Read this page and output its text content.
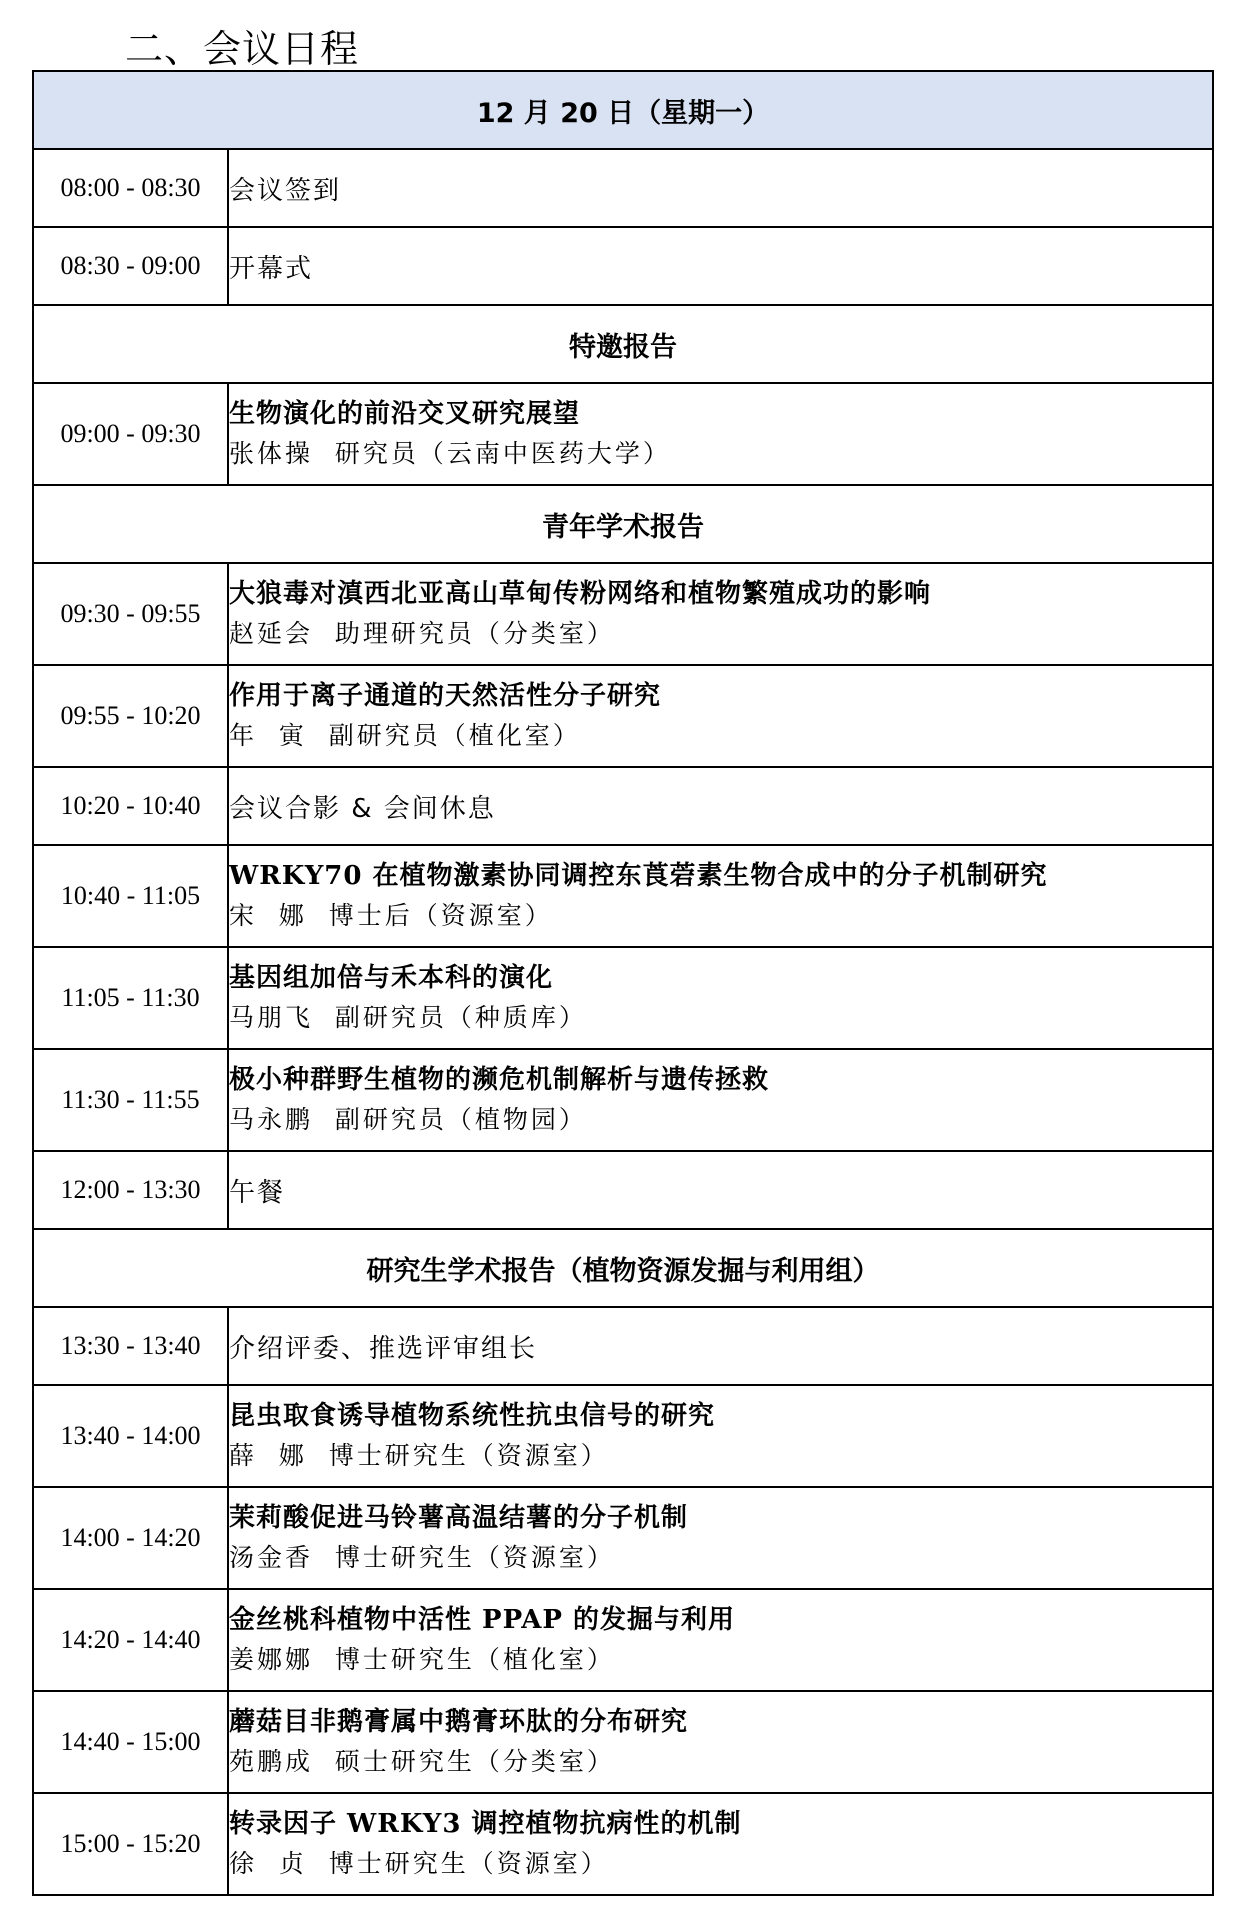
二、会议日程
12 月 20 日（星期一）	
08:00 - 08:30	会议签到
08:30 - 09:00	开幕式
特邀报告	
09:00 - 09:30	生物演化的前沿交叉研究展望
张体操  研究员（云南中医药大学）

青年学术报告	
09:30 - 09:55	大狼毒对滇西北亚高山草甸传粉网络和植物繁殖成功的影响
赵延会  助理研究员（分类室）

09:55 - 10:20	作用于离子通道的天然活性分子研究
年  寅  副研究员（植化室）

10:20 - 10:40	会议合影 & 会间休息
10:40 - 11:05	WRKY70 在植物激素协同调控东莨菪素生物合成中的分子机制研究
宋  娜  博士后（资源室）

11:05 - 11:30	基因组加倍与禾本科的演化
马朋飞  副研究员（种质库）

11:30 - 11:55	极小种群野生植物的濒危机制解析与遗传拯救
马永鹏  副研究员（植物园）

12:00 - 13:30	午餐
研究生学术报告（植物资源发掘与利用组）	
13:30 - 13:40	介绍评委、推选评审组长
13:40 - 14:00	昆虫取食诱导植物系统性抗虫信号的研究
薛  娜  博士研究生（资源室）

14:00 - 14:20	茉莉酸促进马铃薯高温结薯的分子机制
汤金香  博士研究生（资源室）

14:20 - 14:40	金丝桃科植物中活性 PPAP 的发掘与利用
姜娜娜  博士研究生（植化室）

14:40 - 15:00	蘑菇目非鹅膏属中鹅膏环肽的分布研究
苑鹏成  硕士研究生（分类室）

15:00 - 15:20	转录因子 WRKY3 调控植物抗病性的机制
徐  贞  博士研究生（资源室）
